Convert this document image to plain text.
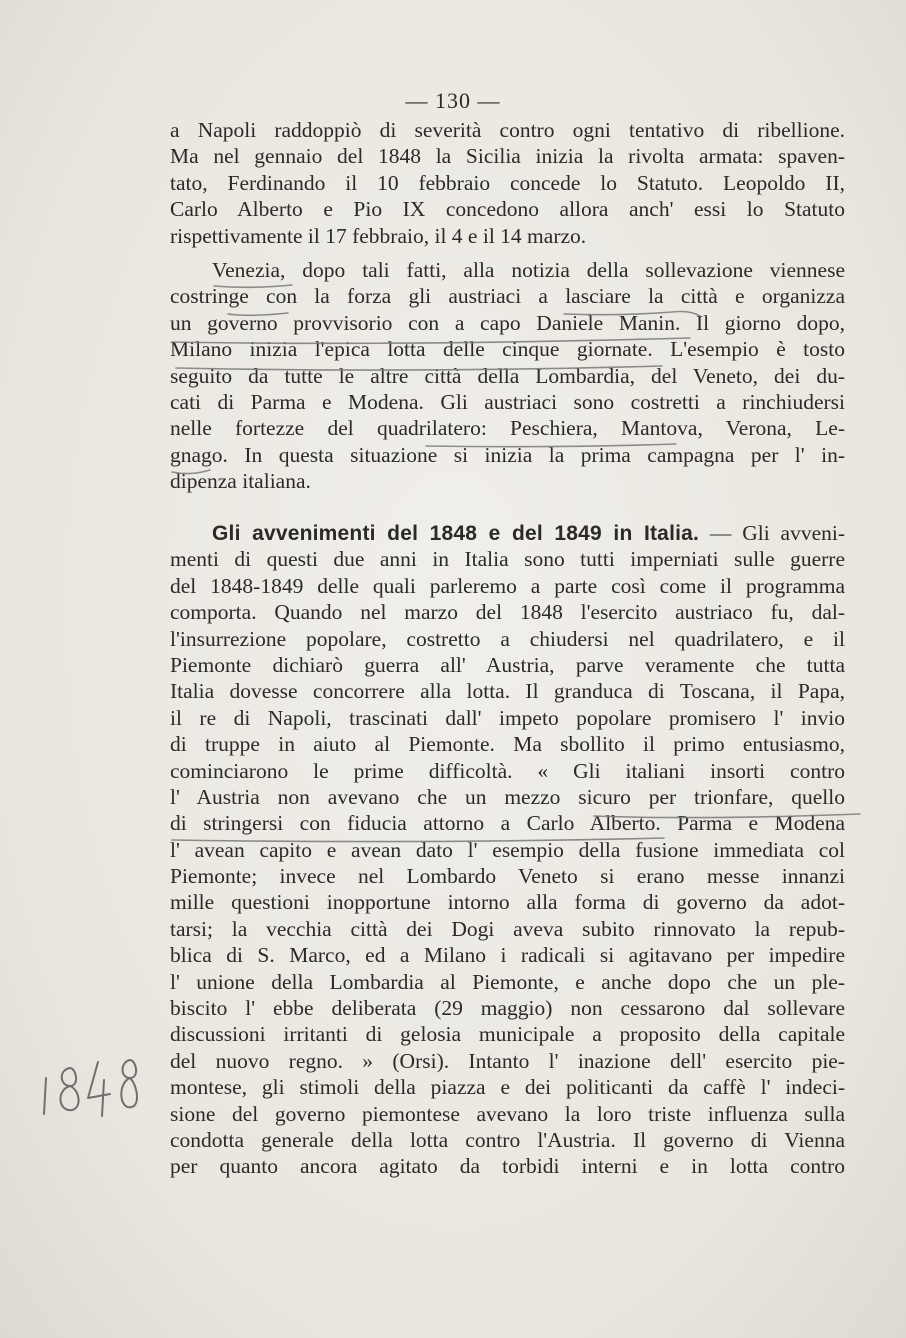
— 130 —
a Napoli raddoppiò di severità contro ogni tentativo di ribellione.
Ma nel gennaio del 1848 la Sicilia inizia la rivolta armata: spaven-
tato, Ferdinando il 10 febbraio concede lo Statuto. Leopoldo II,
Carlo Alberto e Pio IX concedono allora anch' essi lo Statuto
rispettivamente il 17 febbraio, il 4 e il 14 marzo.
Venezia, dopo tali fatti, alla notizia della sollevazione viennese
costringe con la forza gli austriaci a lasciare la città e organizza
un governo provvisorio con a capo Daniele Manin. Il giorno dopo,
Milano inizia l'epica lotta delle cinque giornate. L'esempio è tosto
seguito da tutte le altre città della Lombardia, del Veneto, dei du-
cati di Parma e Modena. Gli austriaci sono costretti a rinchiudersi
nelle fortezze del quadrilatero: Peschiera, Mantova, Verona, Le-
gnago. In questa situazione si inizia la prima campagna per l' in-
dipenza italiana.
Gli avvenimenti del 1848 e del 1849 in Italia. — Gli avveni-
menti di questi due anni in Italia sono tutti imperniati sulle guerre
del 1848-1849 delle quali parleremo a parte così come il programma
comporta. Quando nel marzo del 1848 l'esercito austriaco fu, dal-
l'insurrezione popolare, costretto a chiudersi nel quadrilatero, e il
Piemonte dichiarò guerra all' Austria, parve veramente che tutta
Italia dovesse concorrere alla lotta. Il granduca di Toscana, il Papa,
il re di Napoli, trascinati dall' impeto popolare promisero l' invio
di truppe in aiuto al Piemonte. Ma sbollito il primo entusiasmo,
cominciarono le prime difficoltà. « Gli italiani insorti contro
l' Austria non avevano che un mezzo sicuro per trionfare, quello
di stringersi con fiducia attorno a Carlo Alberto. Parma e Modena
l' avean capito e avean dato l' esempio della fusione immediata col
Piemonte; invece nel Lombardo Veneto si erano messe innanzi
mille questioni inopportune intorno alla forma di governo da adot-
tarsi; la vecchia città dei Dogi aveva subito rinnovato la repub-
blica di S. Marco, ed a Milano i radicali si agitavano per impedire
l' unione della Lombardia al Piemonte, e anche dopo che un ple-
biscito l' ebbe deliberata (29 maggio) non cessarono dal sollevare
discussioni irritanti di gelosia municipale a proposito della capitale
del nuovo regno. » (Orsi). Intanto l' inazione dell' esercito pie-
montese, gli stimoli della piazza e dei politicanti da caffè l' indeci-
sione del governo piemontese avevano la loro triste influenza sulla
condotta generale della lotta contro l'Austria. Il governo di Vienna
per quanto ancora agitato da torbidi interni e in lotta contro
